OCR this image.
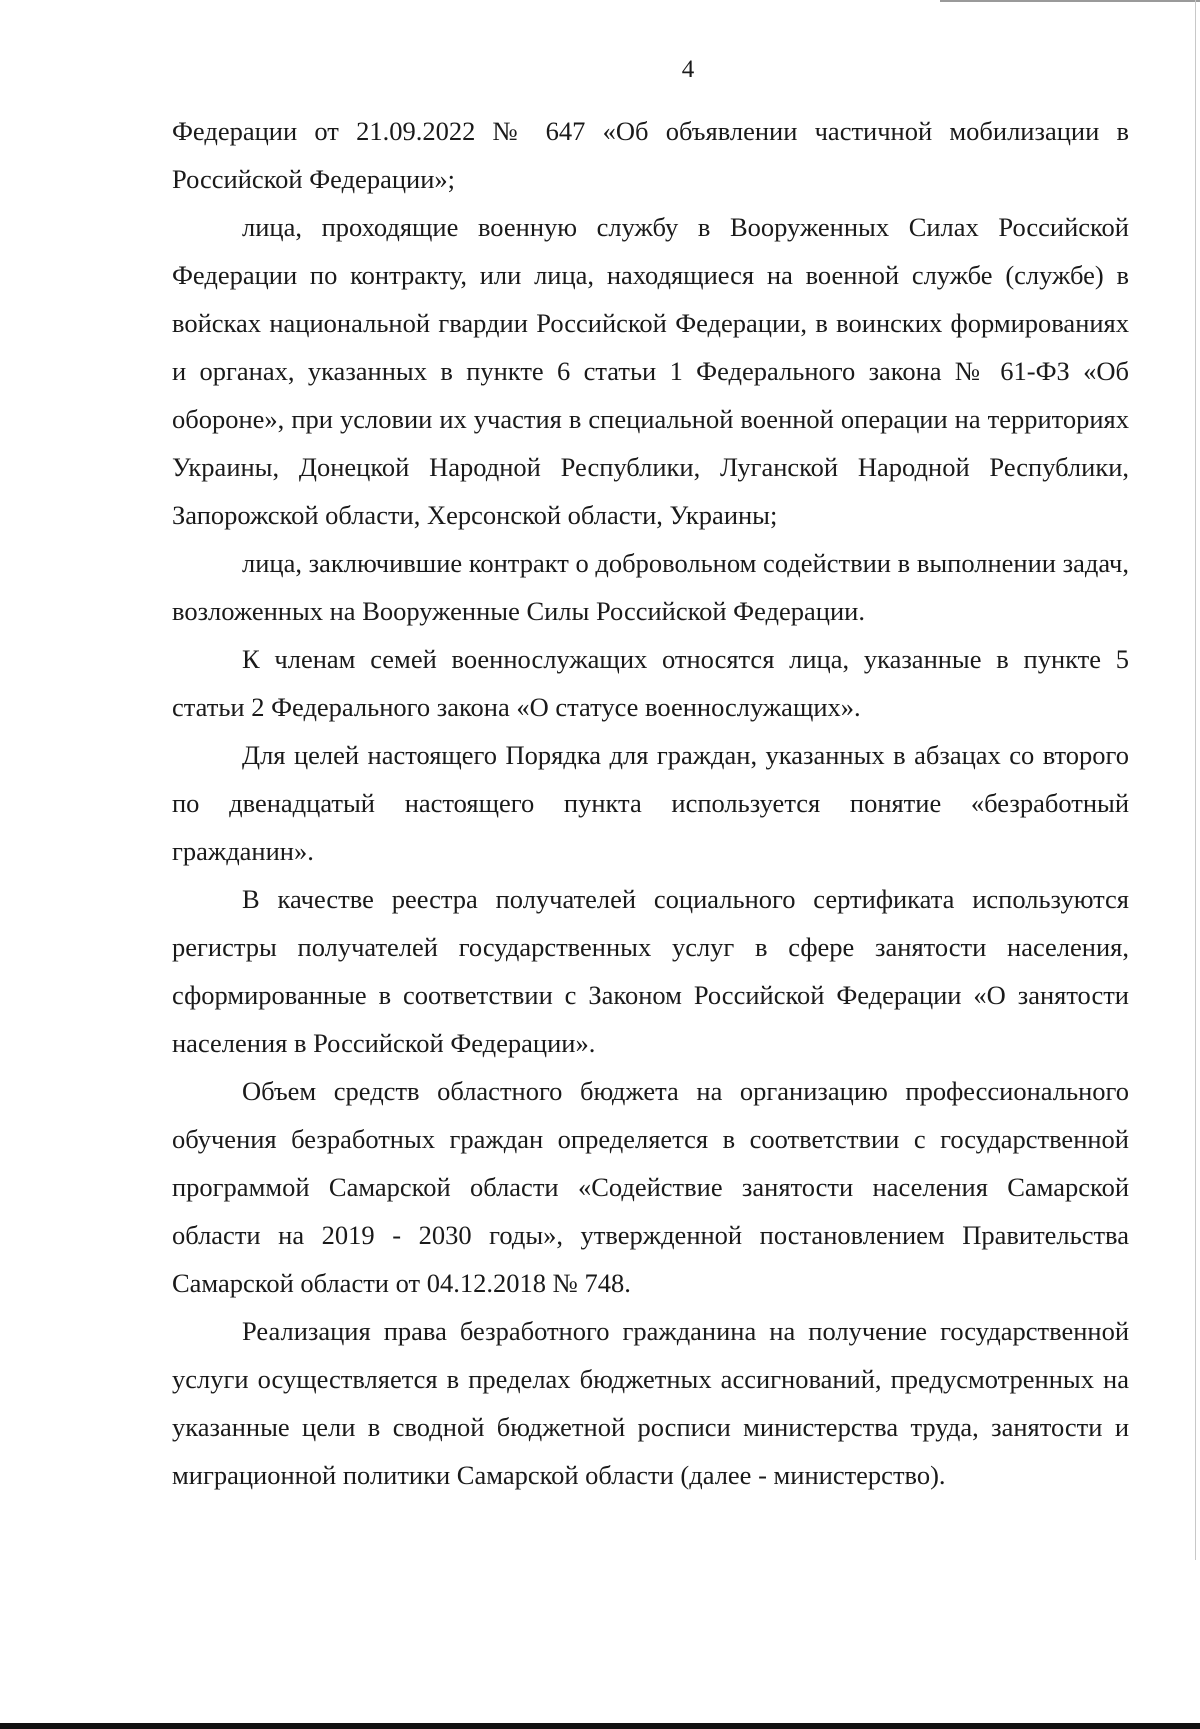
4

Федерации от 21.09.2022 № 647 «Об объявлении частичной мобилизации в Российской Федерации»;

лица, проходящие военную службу в Вооруженных Силах Российской Федерации по контракту, или лица, находящиеся на военной службе (службе) в войсках национальной гвардии Российской Федерации, в воинских формированиях и органах, указанных в пункте 6 статьи 1 Федерального закона № 61-ФЗ «Об обороне», при условии их участия в специальной военной операции на территориях Украины, Донецкой Народной Республики, Луганской Народной Республики, Запорожской области, Херсонской области, Украины;

лица, заключившие контракт о добровольном содействии в выполнении задач, возложенных на Вооруженные Силы Российской Федерации.

К членам семей военнослужащих относятся лица, указанные в пункте 5 статьи 2 Федерального закона «О статусе военнослужащих».

Для целей настоящего Порядка для граждан, указанных в абзацах со второго по двенадцатый настоящего пункта используется понятие «безработный гражданин».

В качестве реестра получателей социального сертификата используются регистры получателей государственных услуг в сфере занятости населения, сформированные в соответствии с Законом Российской Федерации «О занятости населения в Российской Федерации».

Объем средств областного бюджета на организацию профессионального обучения безработных граждан определяется в соответствии с государственной программой Самарской области «Содействие занятости населения Самарской области на 2019 - 2030 годы», утвержденной постановлением Правительства Самарской области от 04.12.2018 № 748.

Реализация права безработного гражданина на получение государственной услуги осуществляется в пределах бюджетных ассигнований, предусмотренных на указанные цели в сводной бюджетной росписи министерства труда, занятости и миграционной политики Самарской области (далее - министерство).
